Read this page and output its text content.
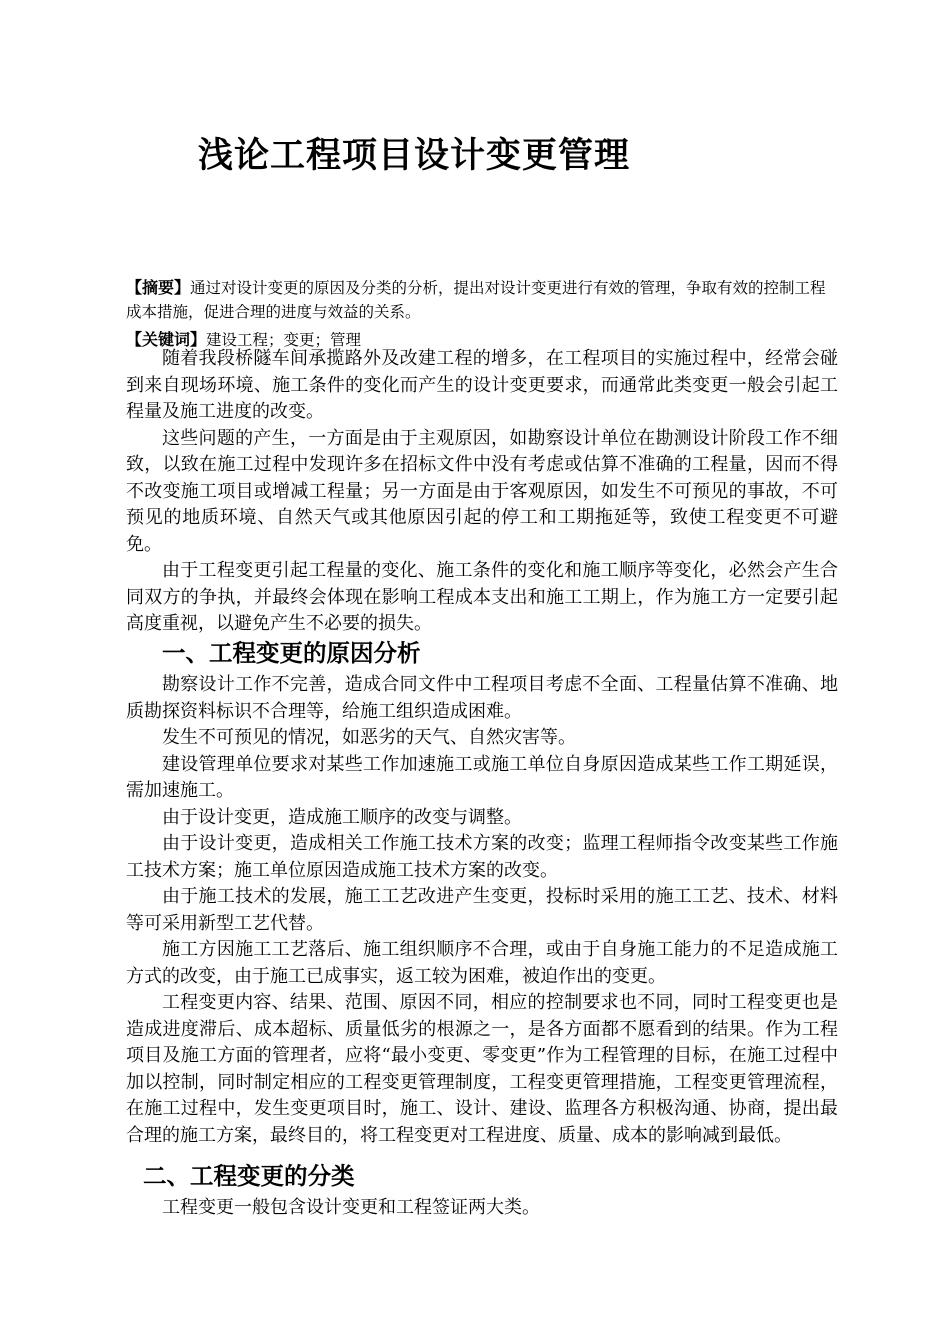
浅论工程项目设计变更管理
【摘要】通过对设计变更的原因及分类的分析，提出对设计变更进行有效的管理，争取有效的控制工程成本措施，促进合理的进度与效益的关系。
【关键词】建设工程；变更；管理

随着我段桥隧车间承揽路外及改建工程的增多，在工程项目的实施过程中，经常会碰到来自现场环境、施工条件的变化而产生的设计变更要求，而通常此类变更一般会引起工程量及施工进度的改变。

这些问题的产生，一方面是由于主观原因，如勘察设计单位在勘测设计阶段工作不细致，以致在施工过程中发现许多在招标文件中没有考虑或估算不准确的工程量，因而不得不改变施工项目或增减工程量；另一方面是由于客观原因，如发生不可预见的事故，不可预见的地质环境、自然天气或其他原因引起的停工和工期拖延等，致使工程变更不可避免。

由于工程变更引起工程量的变化、施工条件的变化和施工顺序等变化，必然会产生合同双方的争执，并最终会体现在影响工程成本支出和施工工期上，作为施工方一定要引起高度重视，以避免产生不必要的损失。

一、工程变更的原因分析

勘察设计工作不完善，造成合同文件中工程项目考虑不全面、工程量估算不准确、地质勘探资料标识不合理等，给施工组织造成困难。

发生不可预见的情况，如恶劣的天气、自然灾害等。

建设管理单位要求对某些工作加速施工或施工单位自身原因造成某些工作工期延误，需加速施工。

由于设计变更，造成施工顺序的改变与调整。

由于设计变更，造成相关工作施工技术方案的改变；监理工程师指令改变某些工作施工技术方案；施工单位原因造成施工技术方案的改变。

由于施工技术的发展，施工工艺改进产生变更，投标时采用的施工工艺、技术、材料等可采用新型工艺代替。

施工方因施工工艺落后、施工组织顺序不合理，或由于自身施工能力的不足造成施工方式的改变，由于施工已成事实，返工较为困难，被迫作出的变更。

工程变更内容、结果、范围、原因不同，相应的控制要求也不同，同时工程变更也是造成进度滞后、成本超标、质量低劣的根源之一，是各方面都不愿看到的结果。作为工程项目及施工方面的管理者，应将“最小变更、零变更”作为工程管理的目标，在施工过程中加以控制，同时制定相应的工程变更管理制度，工程变更管理措施，工程变更管理流程，在施工过程中，发生变更项目时，施工、设计、建设、监理各方积极沟通、协商，提出最合理的施工方案，最终目的，将工程变更对工程进度、质量、成本的影响减到最低。

二、工程变更的分类

工程变更一般包含设计变更和工程签证两大类。
